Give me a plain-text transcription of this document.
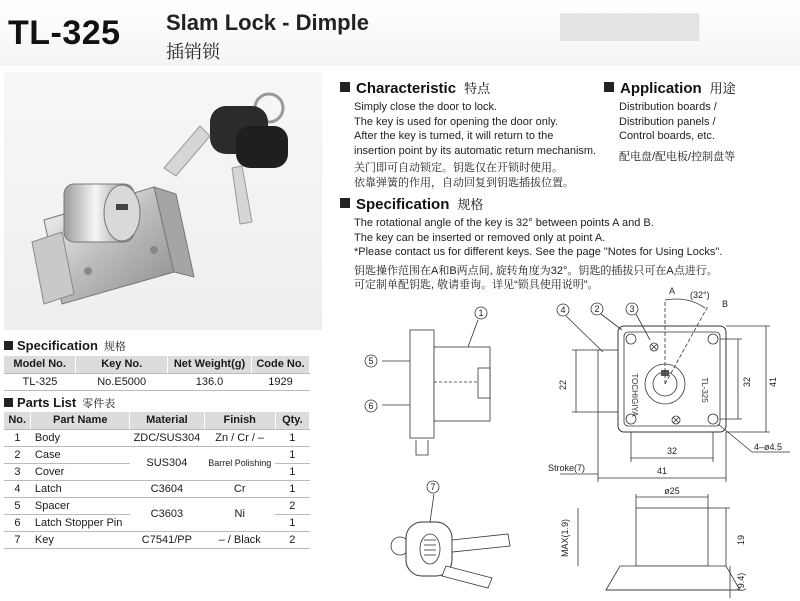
▆▆▆▆▆▆
TL-325 Slam Lock - Dimple
插销锁
Characteristic 特点
Simply close the door to lock.
The key is used for opening the door only.
After the key is turned, it will return to the
insertion point by its automatic return mechanism.
关门即可自动锁定。钥匙仅在开锁时使用。
依靠弹簧的作用，自动回复到钥匙插拔位置。
Application 用途
Distribution boards /
Distribution panels /
Control boards, etc.
配电盘/配电板/控制盘等
Specification 规格
The rotational angle of the key is 32° between points A and B.
The key can be inserted or removed only at point A.
*Please contact us for different keys. See the page "Notes for Using Locks".
钥匙操作范围在A和B两点间, 旋转角度为32°。钥匙的插拔只可在A点进行。
可定制单配钥匙, 敬请垂询。详见“锁具使用说明”。
Specification 规格
Model No.	Key No.	Net Weight(g)	Code No.
TL-325	No.E5000	136.0	1929
Parts List 零件表
No.	Part Name	Material	Finish	Qty.
1	Body	ZDC/SUS304	Zn / Cr / –	1
2	Case	SUS304	Barrel Polishing	1
3	Cover			1
4	Latch	C3604	Cr	1
5	Spacer	C3603	Ni	2
6	Latch Stopper Pin			1
7	Key	C7541/PP	– / Black	2
5
6
1
TOCHIGIYA	TL-325
A
B
(32°)
4	2	3
22	32 41
32
41
4–ø4.5
Stroke(7)
ø25
MAX(1.9)	19
(9.4)
7
